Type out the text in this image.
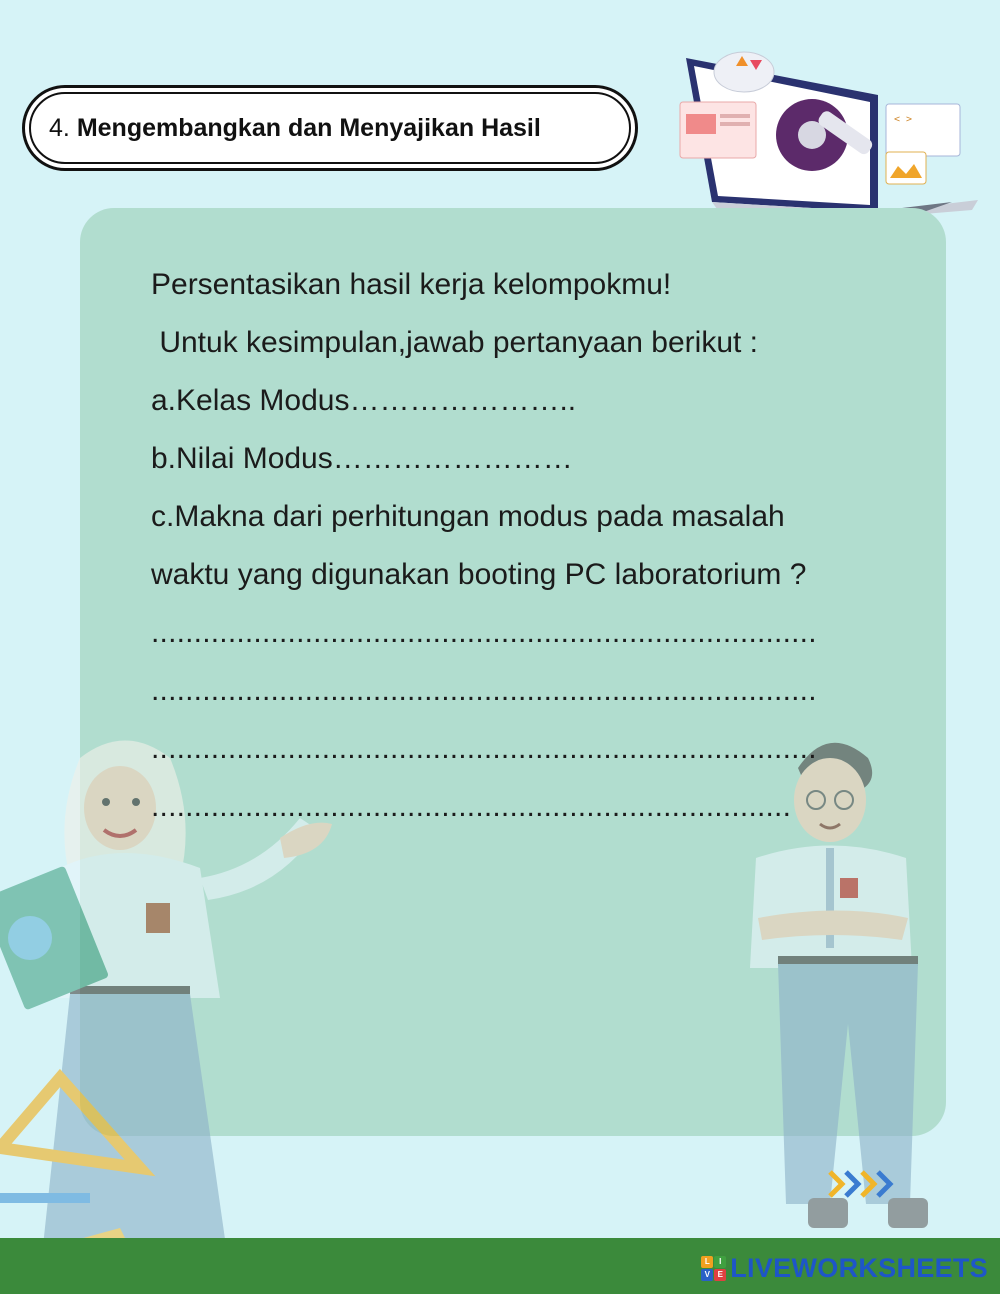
4. Mengembangkan dan Menyajikan Hasil	< >
Persentasikan hasil kerja kelompokmu!
Untuk kesimpulan,jawab pertanyaan berikut :
a.Kelas Modus…………………..
b.Nilai Modus……………………
c.Makna dari perhitungan modus pada masalah
waktu yang digunakan booting PC laboratorium ?
..............................................................................
..............................................................................
..............................................................................
...........................................................................
L	I
V E LIVEWORKSHEETS
